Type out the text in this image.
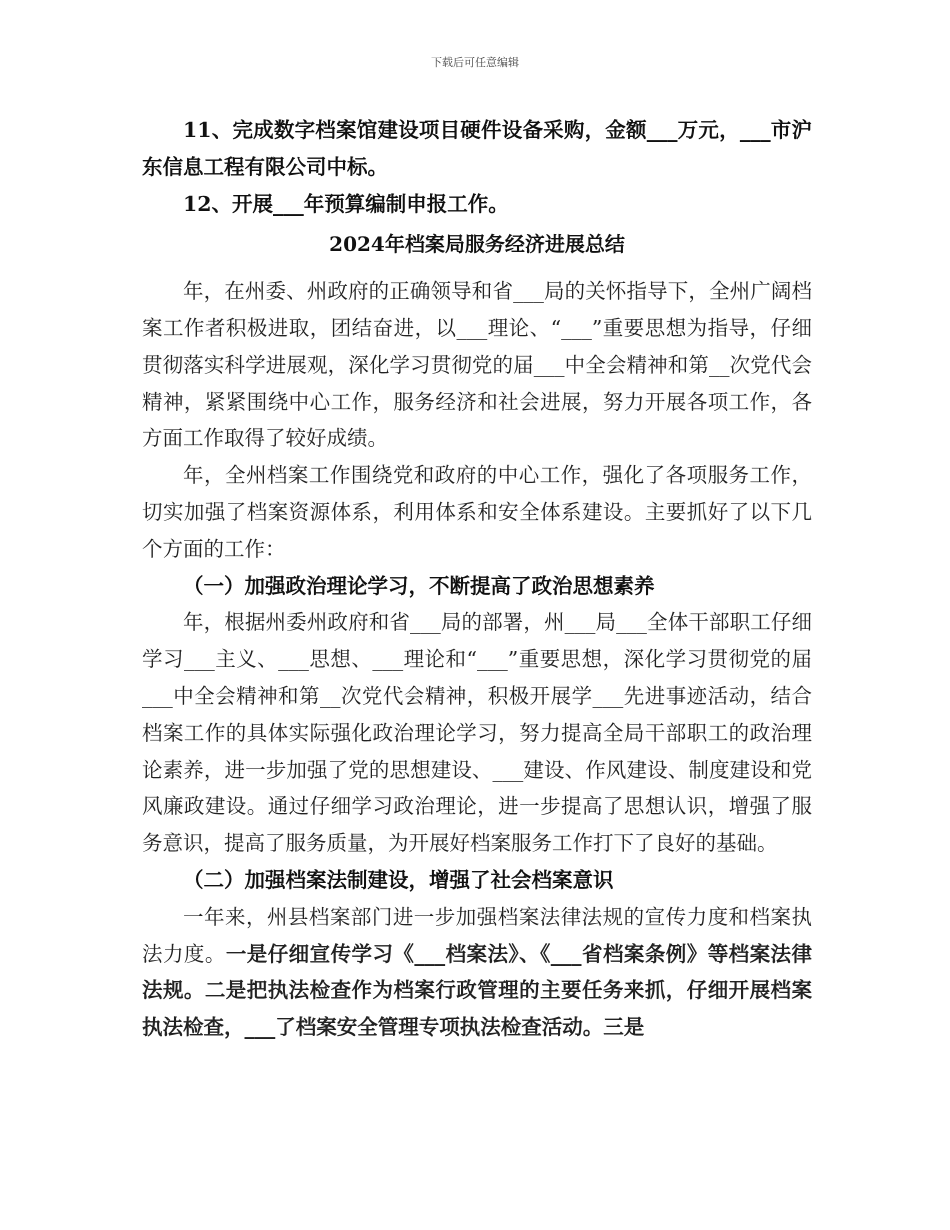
下载后可任意编辑

11、完成数字档案馆建设项目硬件设备采购，金额___万元，___市沪东信息工程有限公司中标。

12、开展___年预算编制申报工作。

2024年档案局服务经济进展总结

年，在州委、州政府的正确领导和省___局的关怀指导下，全州广阔档案工作者积极进取，团结奋进，以___理论、“___”重要思想为指导，仔细贯彻落实科学进展观，深化学习贯彻党的届___中全会精神和第__次党代会精神，紧紧围绕中心工作，服务经济和社会进展，努力开展各项工作，各方面工作取得了较好成绩。

年，全州档案工作围绕党和政府的中心工作，强化了各项服务工作，切实加强了档案资源体系，利用体系和安全体系建设。主要抓好了以下几个方面的工作：

（一）加强政治理论学习，不断提高了政治思想素养

年，根据州委州政府和省___局的部署，州___局___全体干部职工仔细学习___主义、___思想、___理论和“___”重要思想，深化学习贯彻党的届___中全会精神和第__次党代会精神，积极开展学___先进事迹活动，结合档案工作的具体实际强化政治理论学习，努力提高全局干部职工的政治理论素养，进一步加强了党的思想建设、___建设、作风建设、制度建设和党风廉政建设。通过仔细学习政治理论，进一步提高了思想认识，增强了服务意识，提高了服务质量，为开展好档案服务工作打下了良好的基础。

（二）加强档案法制建设，增强了社会档案意识

一年来，州县档案部门进一步加强档案法律法规的宣传力度和档案执法力度。一是仔细宣传学习《___档案法》、《___省档案条例》等档案法律法规。二是把执法检查作为档案行政管理的主要任务来抓，仔细开展档案执法检查，___了档案安全管理专项执法检查活动。三是
